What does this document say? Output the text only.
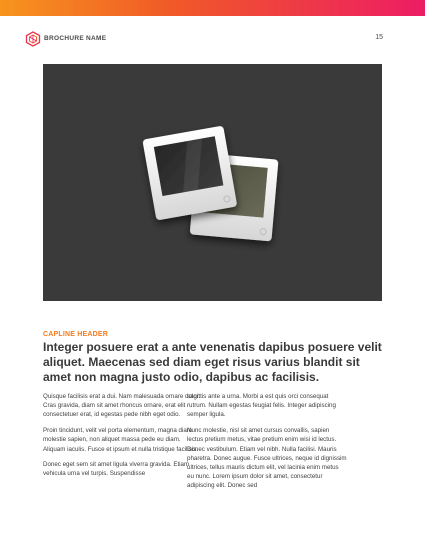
BROCHURE NAME	15
CAPLINE HEADER
Integer posuere erat a ante venenatis dapibus posuere velit aliquet. Maecenas sed diam eget risus varius blandit sit amet non magna justo odio, dapibus ac facilisis.

Quisque facilisis erat a dui. Nam malesuada ornare dolor. Cras gravida, diam sit amet rhoncus ornare, erat elit consectetuer erat, id egestas pede nibh eget odio.

Proin tincidunt, velit vel porta elementum, magna diam molestie sapien, non aliquet massa pede eu diam. Aliquam iaculis. Fusce et ipsum et nulla tristique facilisis.

Donec eget sem sit amet ligula viverra gravida. Etiam vehicula urna vel turpis. Suspendisse

sagittis ante a urna. Morbi a est quis orci consequat rutrum. Nullam egestas feugiat felis. Integer adipiscing semper ligula.

Nunc molestie, nisl sit amet cursus convallis, sapien lectus pretium metus, vitae pretium enim wisi id lectus. Donec vestibulum. Etiam vel nibh. Nulla facilisi. Mauris pharetra. Donec augue. Fusce ultrices, neque id dignissim ultrices, tellus mauris dictum elit, vel lacinia enim metus eu nunc. Lorem ipsum dolor sit amet, consectetur adipiscing elit. Donec sed
